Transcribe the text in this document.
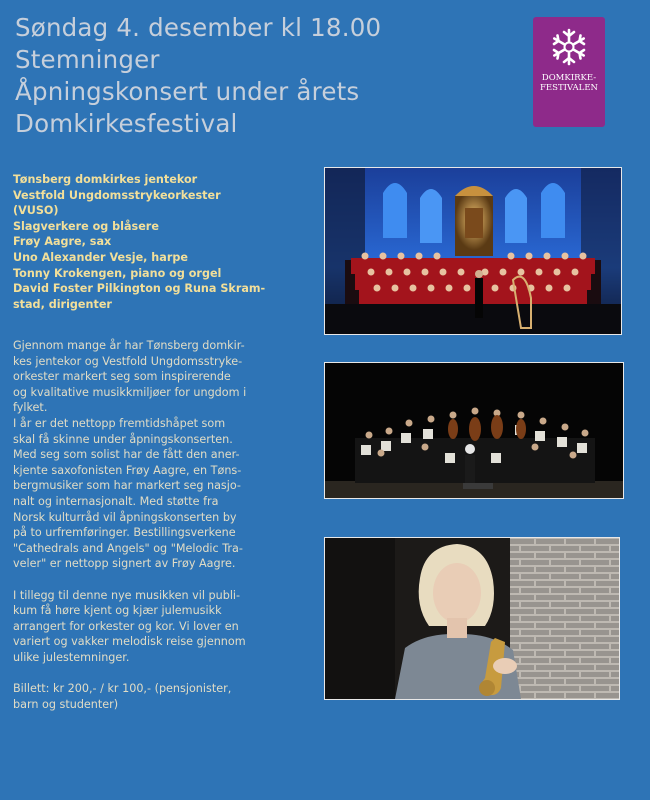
Søndag 4. desember kl 18.00
Stemninger
Åpningskonsert under årets
Domkirkesfestival
DOMKIRKE-
FESTIVALEN
Tønsberg domkirkes jentekor
Vestfold Ungdomsstrykeorkester
(VUSO)
Slagverkere og blåsere
Frøy Aagre, sax
Uno Alexander Vesje, harpe
Tonny Krokengen, piano og orgel
David Foster Pilkington og Runa Skram-
stad, dirigenter
Gjennom mange år har Tønsberg domkir-
kes jentekor og Vestfold Ungdomsstryke-
orkester markert seg som inspirerende
og kvalitative musikkmiljøer for ungdom i
fylket.
I år er det nettopp fremtidshåpet som
skal få skinne under åpningskonserten.
Med seg som solist har de fått den aner-
kjente saxofonisten Frøy Aagre, en Tøns-
bergmusiker som har markert seg nasjo-
nalt og internasjonalt. Med støtte fra
Norsk kulturråd vil åpningskonserten by
på to urfremføringer. Bestillingsverkene
"Cathedrals and Angels" og "Melodic Tra-
veler" er nettopp signert av Frøy Aagre.
I tillegg til denne nye musikken vil publi-
kum få høre kjent og kjær julemusikk
arrangert for orkester og kor. Vi lover en
variert og vakker melodisk reise gjennom
ulike julestemninger.
Billett: kr 200,- / kr 100,- (pensjonister,
barn og studenter)
